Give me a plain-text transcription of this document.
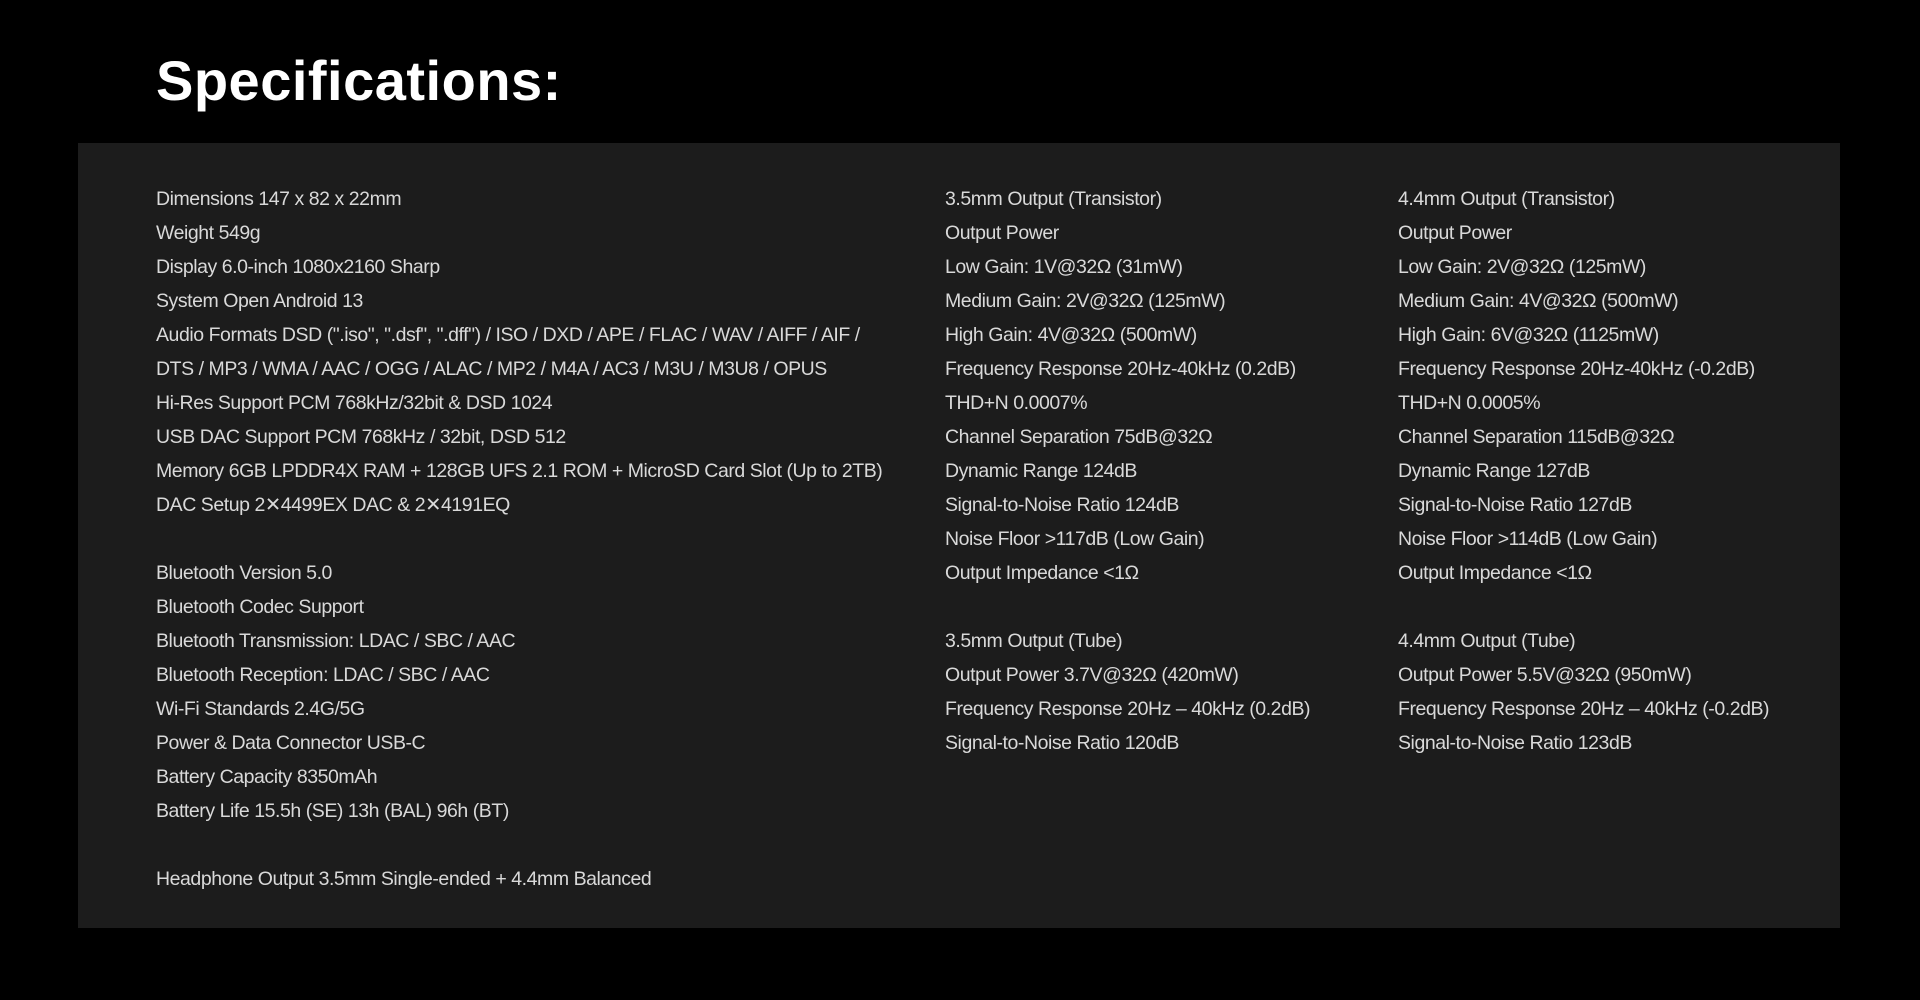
Specifications:
Dimensions 147 x 82 x 22mm
Weight 549g
Display 6.0-inch 1080x2160 Sharp
System Open Android 13
Audio Formats DSD (".iso", ".dsf", ".dff") / ISO / DXD / APE / FLAC / WAV / AIFF / AIF /
DTS / MP3 / WMA / AAC / OGG / ALAC / MP2 / M4A / AC3 / M3U / M3U8 / OPUS
Hi-Res Support PCM 768kHz/32bit & DSD 1024
USB DAC Support PCM 768kHz / 32bit, DSD 512
Memory 6GB LPDDR4X RAM + 128GB UFS 2.1 ROM + MicroSD Card Slot (Up to 2TB)
DAC Setup 2✕4499EX DAC & 2✕4191EQ
Bluetooth Version 5.0
Bluetooth Codec Support
Bluetooth Transmission: LDAC / SBC / AAC
Bluetooth Reception: LDAC / SBC / AAC
Wi-Fi Standards 2.4G/5G
Power & Data Connector USB-C
Battery Capacity 8350mAh
Battery Life 15.5h (SE) 13h (BAL) 96h (BT)
Headphone Output 3.5mm Single-ended + 4.4mm Balanced
3.5mm Output (Transistor)
Output Power
Low Gain: 1V@32Ω (31mW)
Medium Gain: 2V@32Ω (125mW)
High Gain: 4V@32Ω (500mW)
Frequency Response 20Hz-40kHz (0.2dB)
THD+N 0.0007%
Channel Separation 75dB@32Ω
Dynamic Range 124dB
Signal-to-Noise Ratio 124dB
Noise Floor >117dB (Low Gain)
Output Impedance <1Ω
3.5mm Output (Tube)
Output Power 3.7V@32Ω (420mW)
Frequency Response 20Hz – 40kHz (0.2dB)
Signal-to-Noise Ratio 120dB
4.4mm Output (Transistor)
Output Power
Low Gain: 2V@32Ω (125mW)
Medium Gain: 4V@32Ω (500mW)
High Gain: 6V@32Ω (1125mW)
Frequency Response 20Hz-40kHz (-0.2dB)
THD+N 0.0005%
Channel Separation 115dB@32Ω
Dynamic Range 127dB
Signal-to-Noise Ratio 127dB
Noise Floor >114dB (Low Gain)
Output Impedance <1Ω
4.4mm Output (Tube)
Output Power 5.5V@32Ω (950mW)
Frequency Response 20Hz – 40kHz (-0.2dB)
Signal-to-Noise Ratio 123dB
